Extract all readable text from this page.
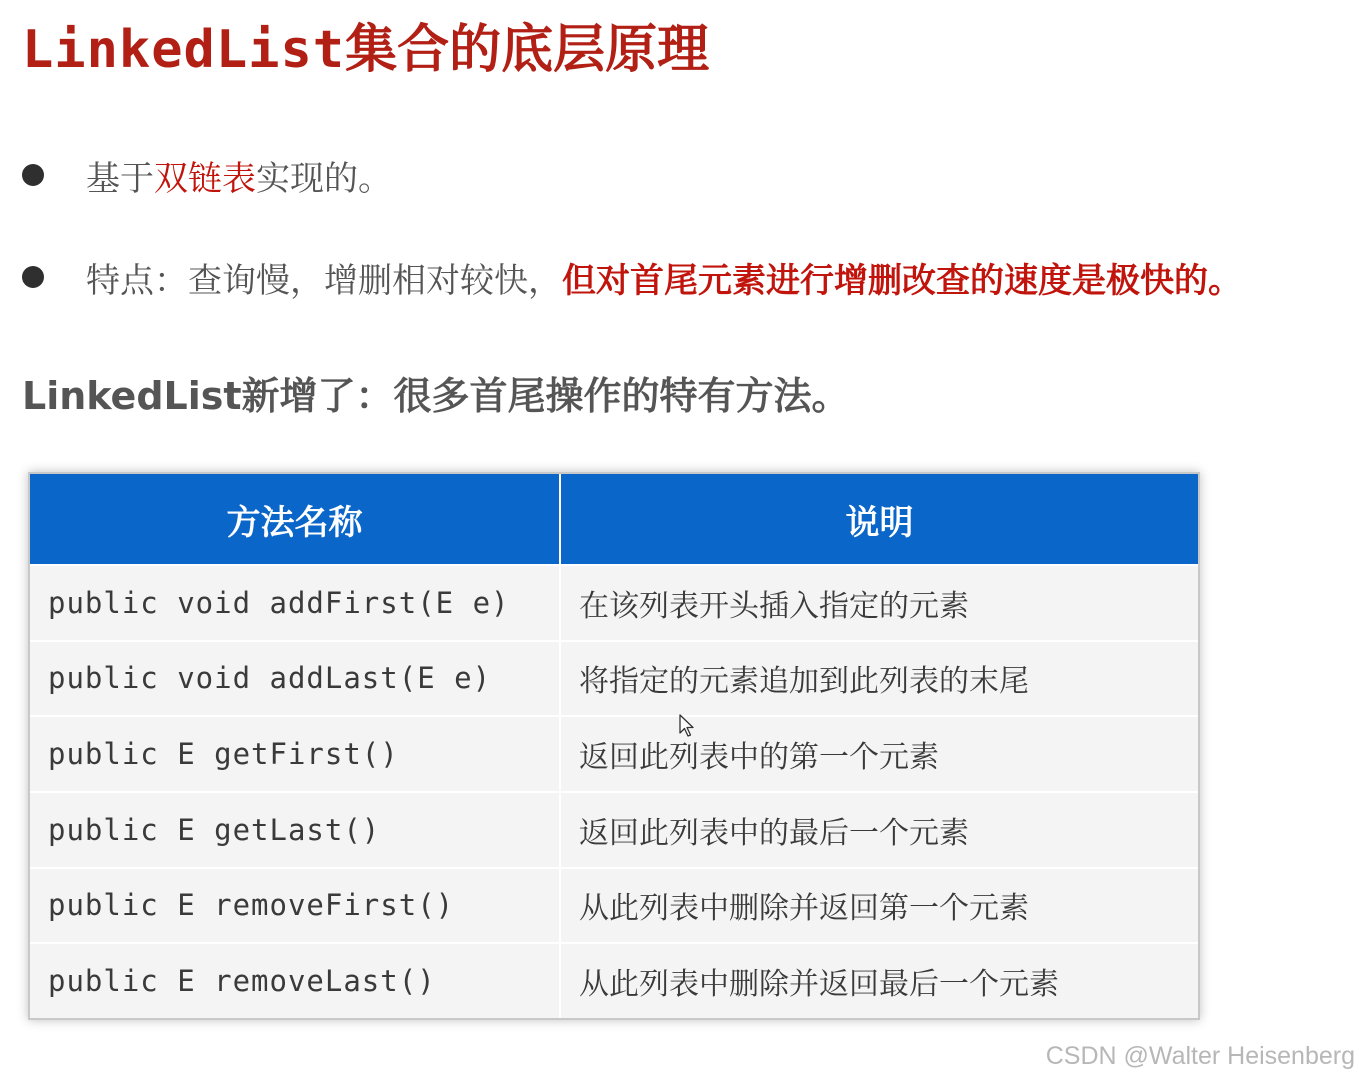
LinkedList集合的底层原理
基于 双链表 实现的。
特点：查询慢，增删相对较快， 但对首尾元素进行增删改查的速度是极快的。
LinkedList新增了：很多首尾操作的特有方法。
方法名称	说明
public void addFirst(E e)	在该列表开头插入指定的元素
public void addLast(E e)	将指定的元素追加到此列表的末尾
public E getFirst()	返回此列表中的第一个元素
public E getLast()	返回此列表中的最后一个元素
public E removeFirst()	从此列表中删除并返回第一个元素
public E removeLast()	从此列表中删除并返回最后一个元素
CSDN @Walter Heisenberg
